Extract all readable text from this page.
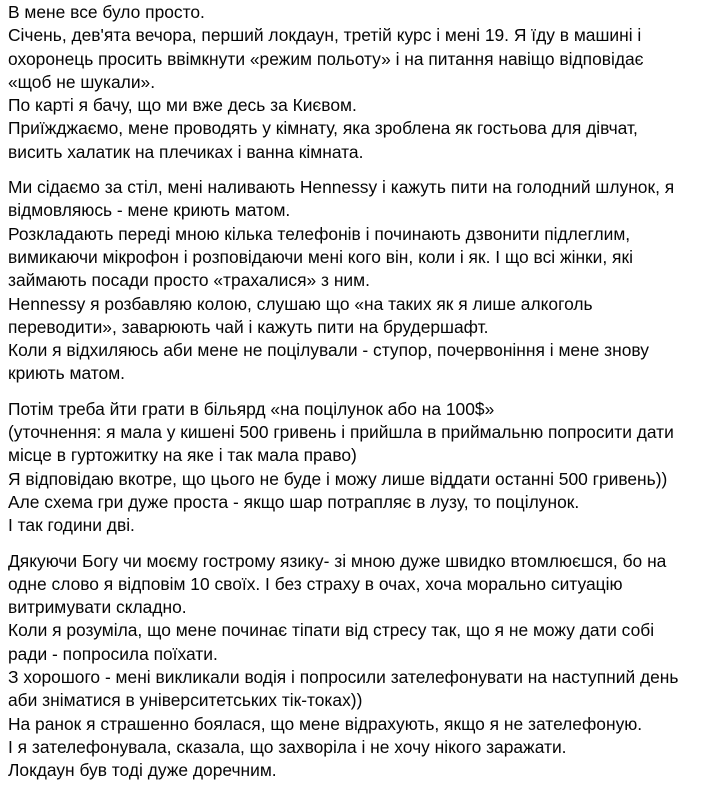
В мене все було просто.
Січень, дев'ята вечора, перший локдаун, третій курс і мені 19. Я їду в машині і
охоронець просить ввімкнути «режим польоту» і на питання навіщо відповідає
«щоб не шукали».
По карті я бачу, що ми вже десь за Києвом.
Приїжджаємо, мене проводять у кімнату, яка зроблена як гостьова для дівчат,
висить халатик на плечиках і ванна кімната.
Ми сідаємо за стіл, мені наливають Hennessy і кажуть пити на голодний шлунок, я
відмовляюсь - мене криють матом.
Розкладають переді мною кілька телефонів і починають дзвонити підлеглим,
вимикаючи мікрофон і розповідаючи мені кого він, коли і як. І що всі жінки, які
займають посади просто «трахалися» з ним.
Hennessy я розбавляю колою, слушаю що «на таких як я лише алкоголь
переводити», заварюють чай і кажуть пити на брудершафт.
Коли я відхиляюсь аби мене не поцілували - ступор, почервоніння і мене знову
криють матом.
Потім треба йти грати в більярд «на поцілунок або на 100$»
(уточнення: я мала у кишені 500 гривень і прийшла в приймальню попросити дати
місце в гуртожитку на яке і так мала право)
Я відповідаю вкотре, що цього не буде і можу лише віддати останні 500 гривень))
Але схема гри дуже проста - якщо шар потрапляє в лузу, то поцілунок.
І так години дві.
Дякуючи Богу чи моєму гострому язику- зі мною дуже швидко втомлюєшся, бо на
одне слово я відповім 10 своїх. І без страху в очах, хоча морально ситуацію
витримувати складно.
Коли я розуміла, що мене починає тіпати від стресу так, що я не можу дати собі
ради - попросила поїхати.
З хорошого - мені викликали водія і попросили зателефонувати на наступний день
аби зніматися в університетських тік-токах))
На ранок я страшенно боялася, що мене відрахують, якщо я не зателефоную.
І я зателефонувала, сказала, що захворіла і не хочу нікого заражати.
Локдаун був тоді дуже доречним.
